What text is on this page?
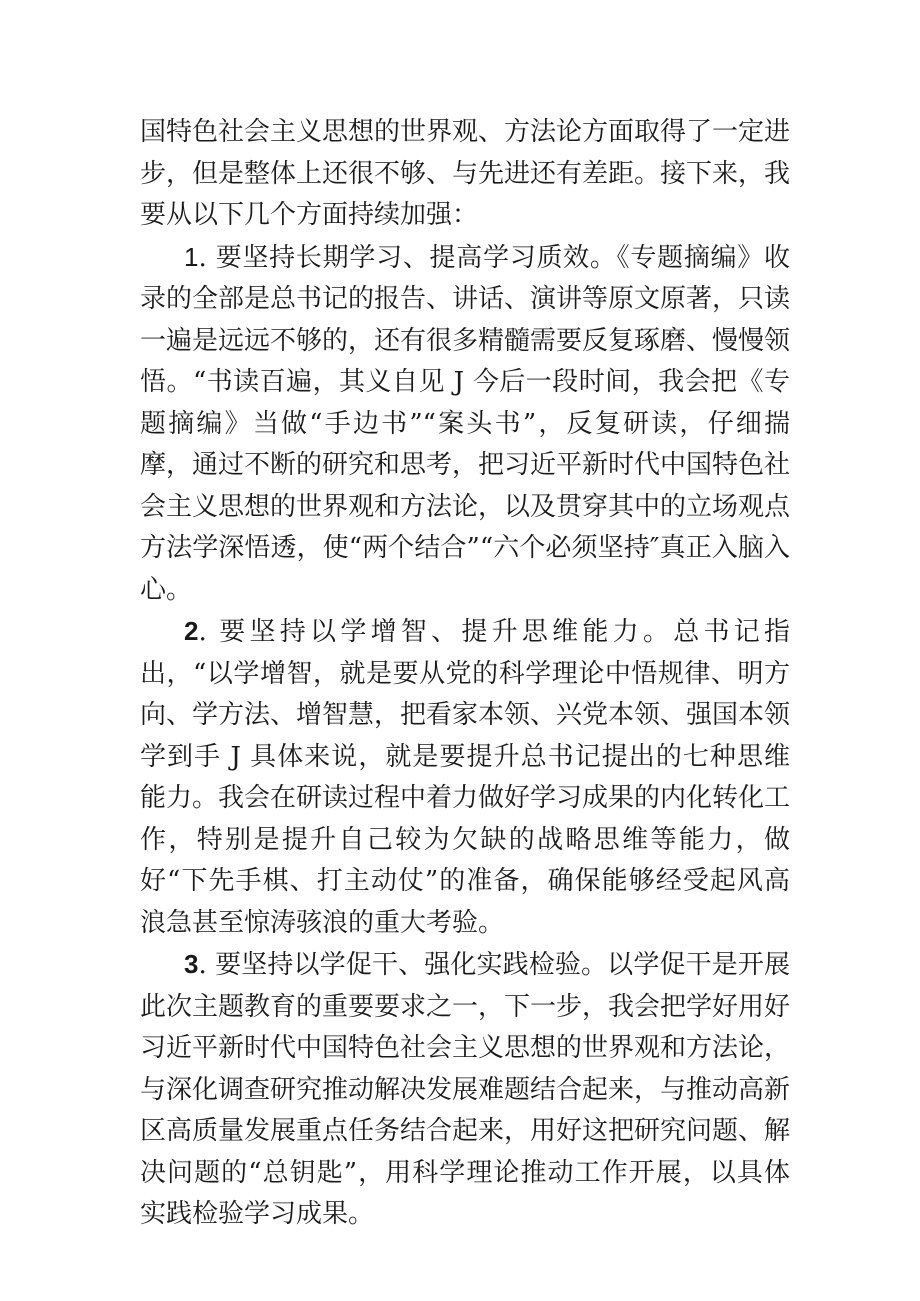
国特色社会主义思想的世界观、方法论方面取得了一定进步，但是整体上还很不够、与先进还有差距。接下来，我要从以下几个方面持续加强：

1. 要坚持长期学习、提高学习质效。《专题摘编》收录的全部是总书记的报告、讲话、演讲等原文原著，只读一遍是远远不够的，还有很多精髓需要反复琢磨、慢慢领悟。“书读百遍，其义自见 J 今后一段时间，我会把《专题摘编》当做“手边书”“案头书”，反复研读，仔细揣摩，通过不断的研究和思考，把习近平新时代中国特色社会主义思想的世界观和方法论，以及贯穿其中的立场观点方法学深悟透，使“两个结合”“六个必须坚持″真正入脑入心。

2. 要坚持以学增智、提升思维能力。总书记指出，“以学增智，就是要从党的科学理论中悟规律、明方向、学方法、增智慧，把看家本领、兴党本领、强国本领学到手 J 具体来说，就是要提升总书记提出的七种思维能力。我会在研读过程中着力做好学习成果的内化转化工作，特别是提升自己较为欠缺的战略思维等能力，做好“下先手棋、打主动仗”的准备，确保能够经受起风高浪急甚至惊涛骇浪的重大考验。

3. 要坚持以学促干、强化实践检验。以学促干是开展此次主题教育的重要要求之一，下一步，我会把学好用好习近平新时代中国特色社会主义思想的世界观和方法论，与深化调查研究推动解决发展难题结合起来，与推动高新区高质量发展重点任务结合起来，用好这把研究问题、解决问题的“总钥匙”，用科学理论推动工作开展，以具体实践检验学习成果。
